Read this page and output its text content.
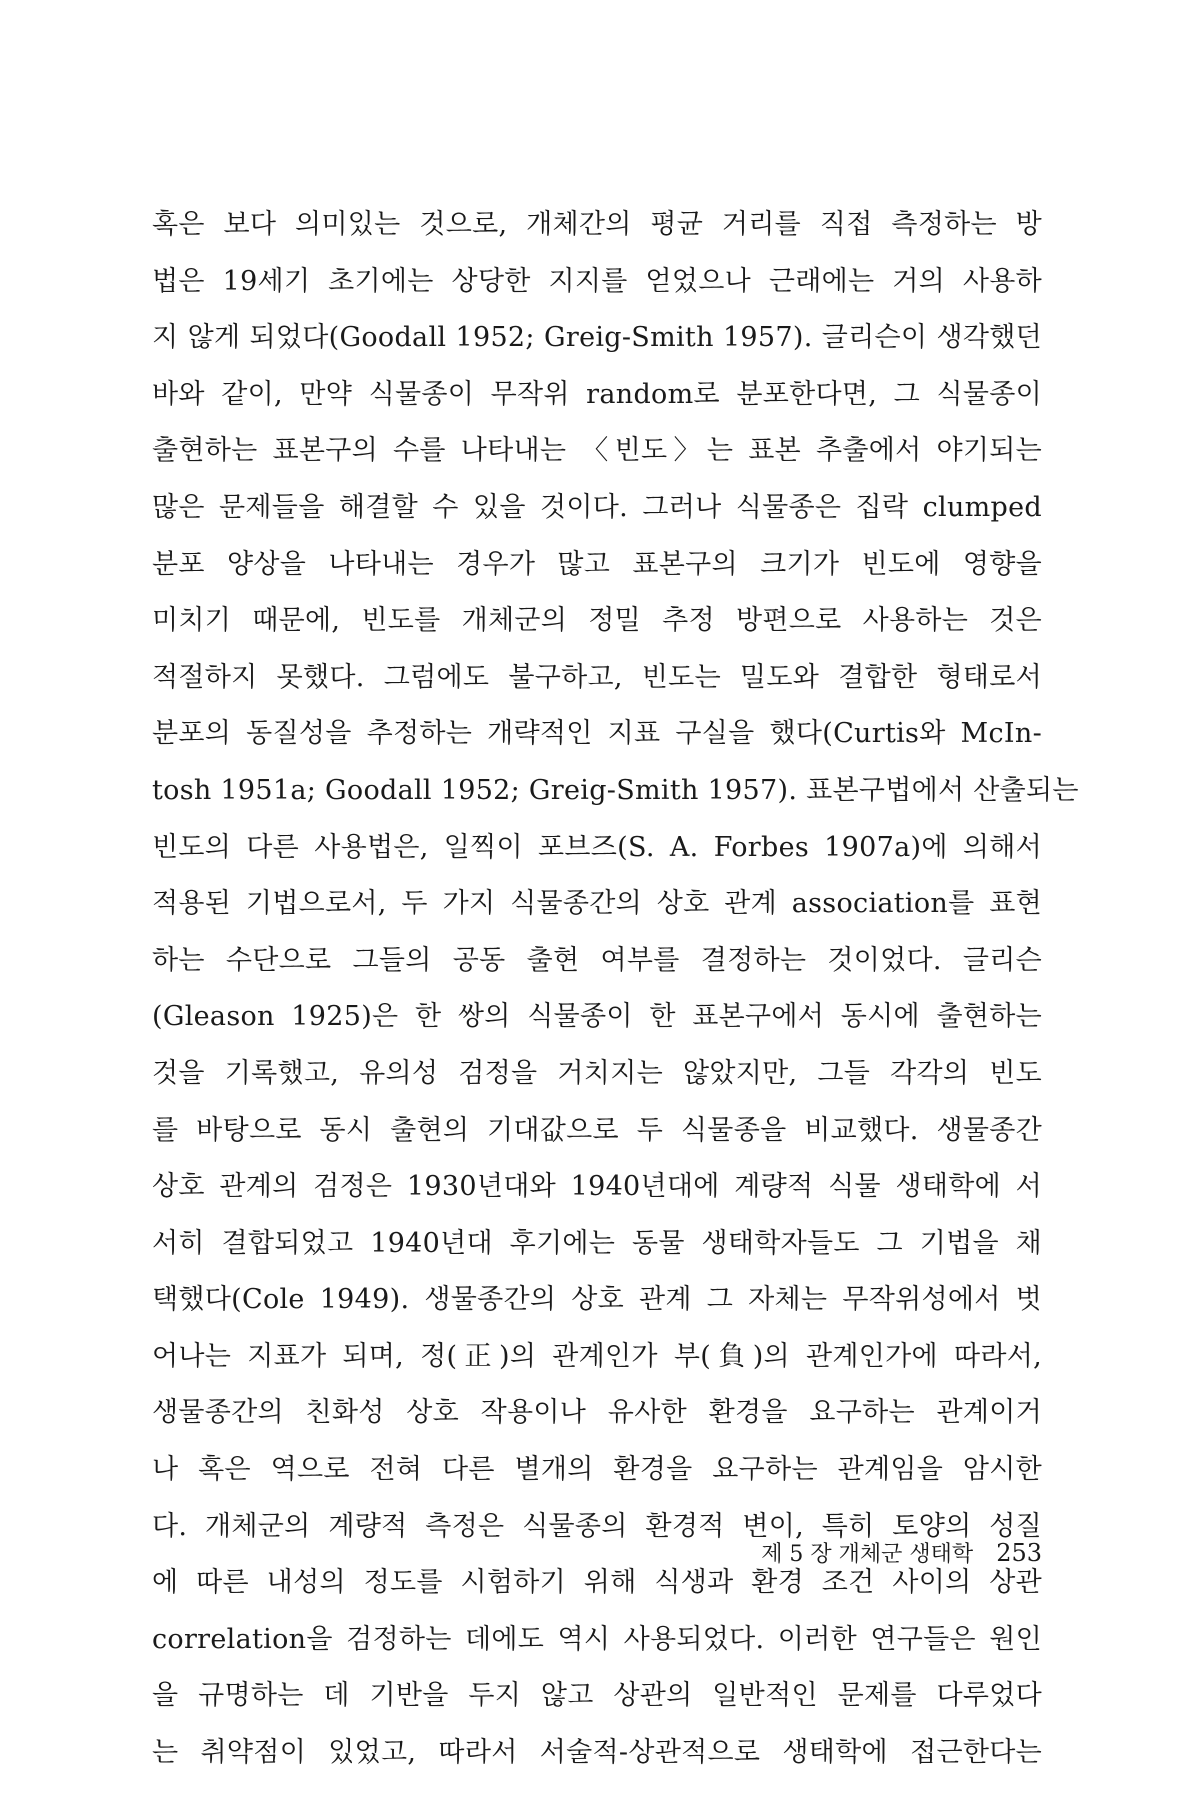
혹은 보다 의미있는 것으로, 개체간의 평균 거리를 직접 측정하는 방
법은 19세기 초기에는 상당한 지지를 얻었으나 근래에는 거의 사용하
지 않게 되었다(Goodall 1952; Greig-Smith 1957). 글리슨이 생각했던
바와 같이, 만약 식물종이 무작위 random로 분포한다면, 그 식물종이
출현하는 표본구의 수를 나타내는 〈빈도〉는 표본 추출에서 야기되는
많은 문제들을 해결할 수 있을 것이다. 그러나 식물종은 집락 clumped
분포 양상을 나타내는 경우가 많고 표본구의 크기가 빈도에 영향을
미치기 때문에, 빈도를 개체군의 정밀 추정 방편으로 사용하는 것은
적절하지 못했다. 그럼에도 불구하고, 빈도는 밀도와 결합한 형태로서
분포의 동질성을 추정하는 개략적인 지표 구실을 했다(Curtis와 McIn-
tosh 1951a; Goodall 1952; Greig-Smith 1957). 표본구법에서 산출되는
빈도의 다른 사용법은, 일찍이 포브즈(S. A. Forbes 1907a)에 의해서
적용된 기법으로서, 두 가지 식물종간의 상호 관계 association를 표현
하는 수단으로 그들의 공동 출현 여부를 결정하는 것이었다. 글리슨
(Gleason 1925)은 한 쌍의 식물종이 한 표본구에서 동시에 출현하는
것을 기록했고, 유의성 검정을 거치지는 않았지만, 그들 각각의 빈도
를 바탕으로 동시 출현의 기대값으로 두 식물종을 비교했다. 생물종간
상호 관계의 검정은 1930년대와 1940년대에 계량적 식물 생태학에 서
서히 결합되었고 1940년대 후기에는 동물 생태학자들도 그 기법을 채
택했다(Cole 1949). 생물종간의 상호 관계 그 자체는 무작위성에서 벗
어나는 지표가 되며, 정(正)의 관계인가 부(負)의 관계인가에 따라서,
생물종간의 친화성 상호 작용이나 유사한 환경을 요구하는 관계이거
나 혹은 역으로 전혀 다른 별개의 환경을 요구하는 관계임을 암시한
다. 개체군의 계량적 측정은 식물종의 환경적 변이, 특히 토양의 성질
에 따른 내성의 정도를 시험하기 위해 식생과 환경 조건 사이의 상관
correlation을 검정하는 데에도 역시 사용되었다. 이러한 연구들은 원인
을 규명하는 데 기반을 두지 않고 상관의 일반적인 문제를 다루었다
는 취약점이 있었고, 따라서 서술적-상관적으로 생태학에 접근한다는
제 5 장 개체군 생태학 253
